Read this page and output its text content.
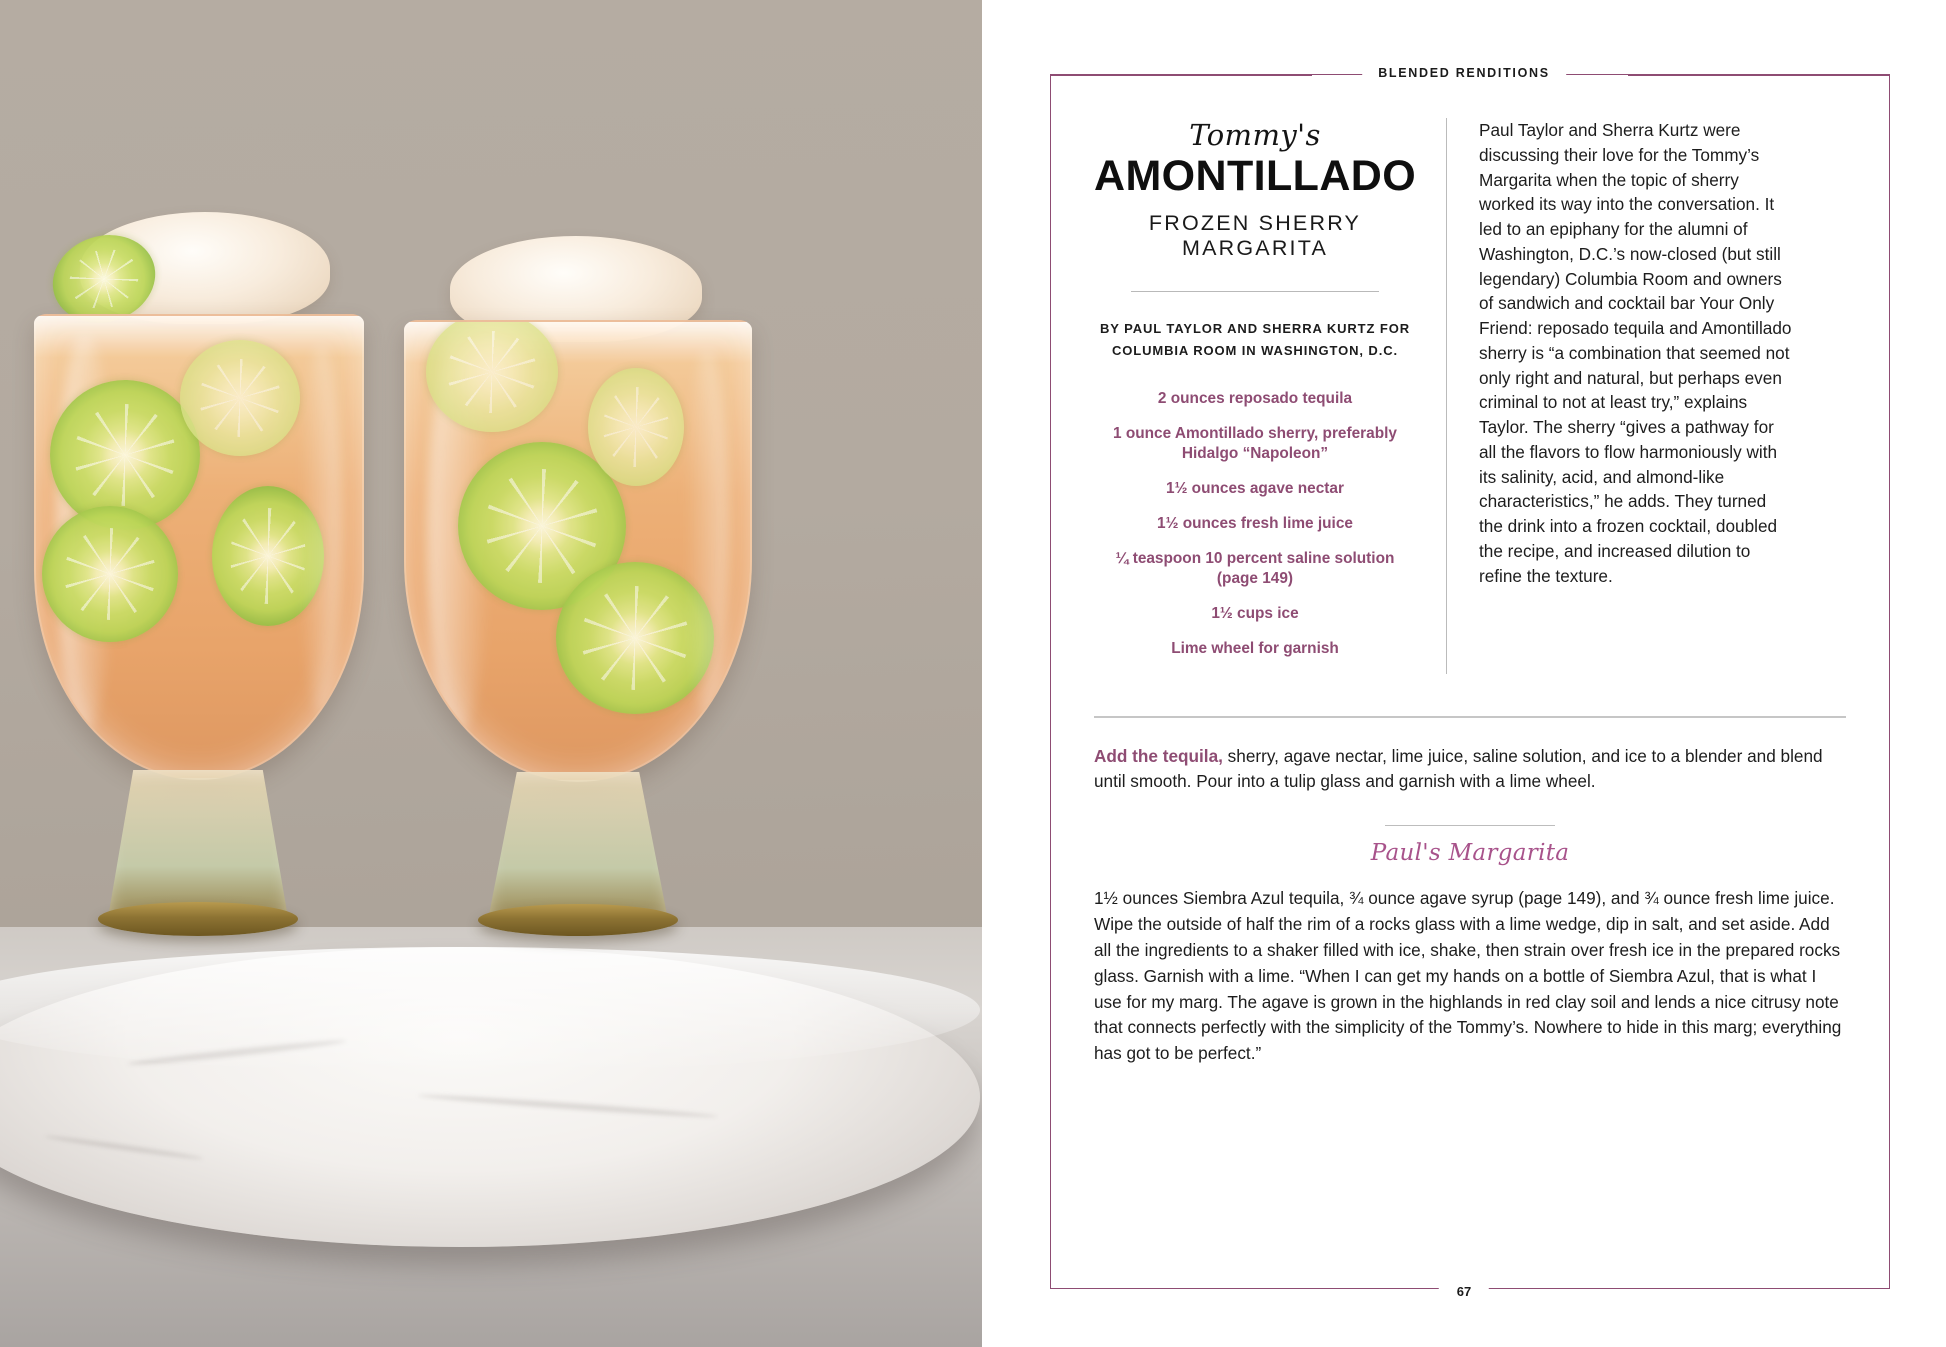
BLENDED RENDITIONS
Tommy's
AMONTILLADO
FROZEN SHERRY MARGARITA
BY PAUL TAYLOR AND SHERRA KURTZ FOR COLUMBIA ROOM IN WASHINGTON, D.C.
2 ounces reposado tequila
1 ounce Amontillado sherry, preferably Hidalgo “Napoleon”
1½ ounces agave nectar
1½ ounces fresh lime juice
¼ teaspoon 10 percent saline solution (page 149)
1½ cups ice
Lime wheel for garnish
Paul Taylor and Sherra Kurtz were discussing their love for the Tommy’s Margarita when the topic of sherry worked its way into the conversation. It led to an epiphany for the alumni of Washington, D.C.’s now-closed (but still legendary) Columbia Room and owners of sandwich and cocktail bar Your Only Friend: reposado tequila and Amontillado sherry is “a combination that seemed not only right and natural, but perhaps even criminal to not at least try,” explains Taylor. The sherry “gives a pathway for all the flavors to flow harmoniously with its salinity, acid, and almond-like characteristics,” he adds. They turned the drink into a frozen cocktail, doubled the recipe, and increased dilution to refine the texture.
Add the tequila, sherry, agave nectar, lime juice, saline solution, and ice to a blender and blend until smooth. Pour into a tulip glass and garnish with a lime wheel.
Paul's Margarita
1½ ounces Siembra Azul tequila, ¾ ounce agave syrup (page 149), and ¾ ounce fresh lime juice. Wipe the outside of half the rim of a rocks glass with a lime wedge, dip in salt, and set aside. Add all the ingredients to a shaker filled with ice, shake, then strain over fresh ice in the prepared rocks glass. Garnish with a lime. “When I can get my hands on a bottle of Siembra Azul, that is what I use for my marg. The agave is grown in the highlands in red clay soil and lends a nice citrusy note that connects perfectly with the simplicity of the Tommy’s. Nowhere to hide in this marg; everything has got to be perfect.”
67
